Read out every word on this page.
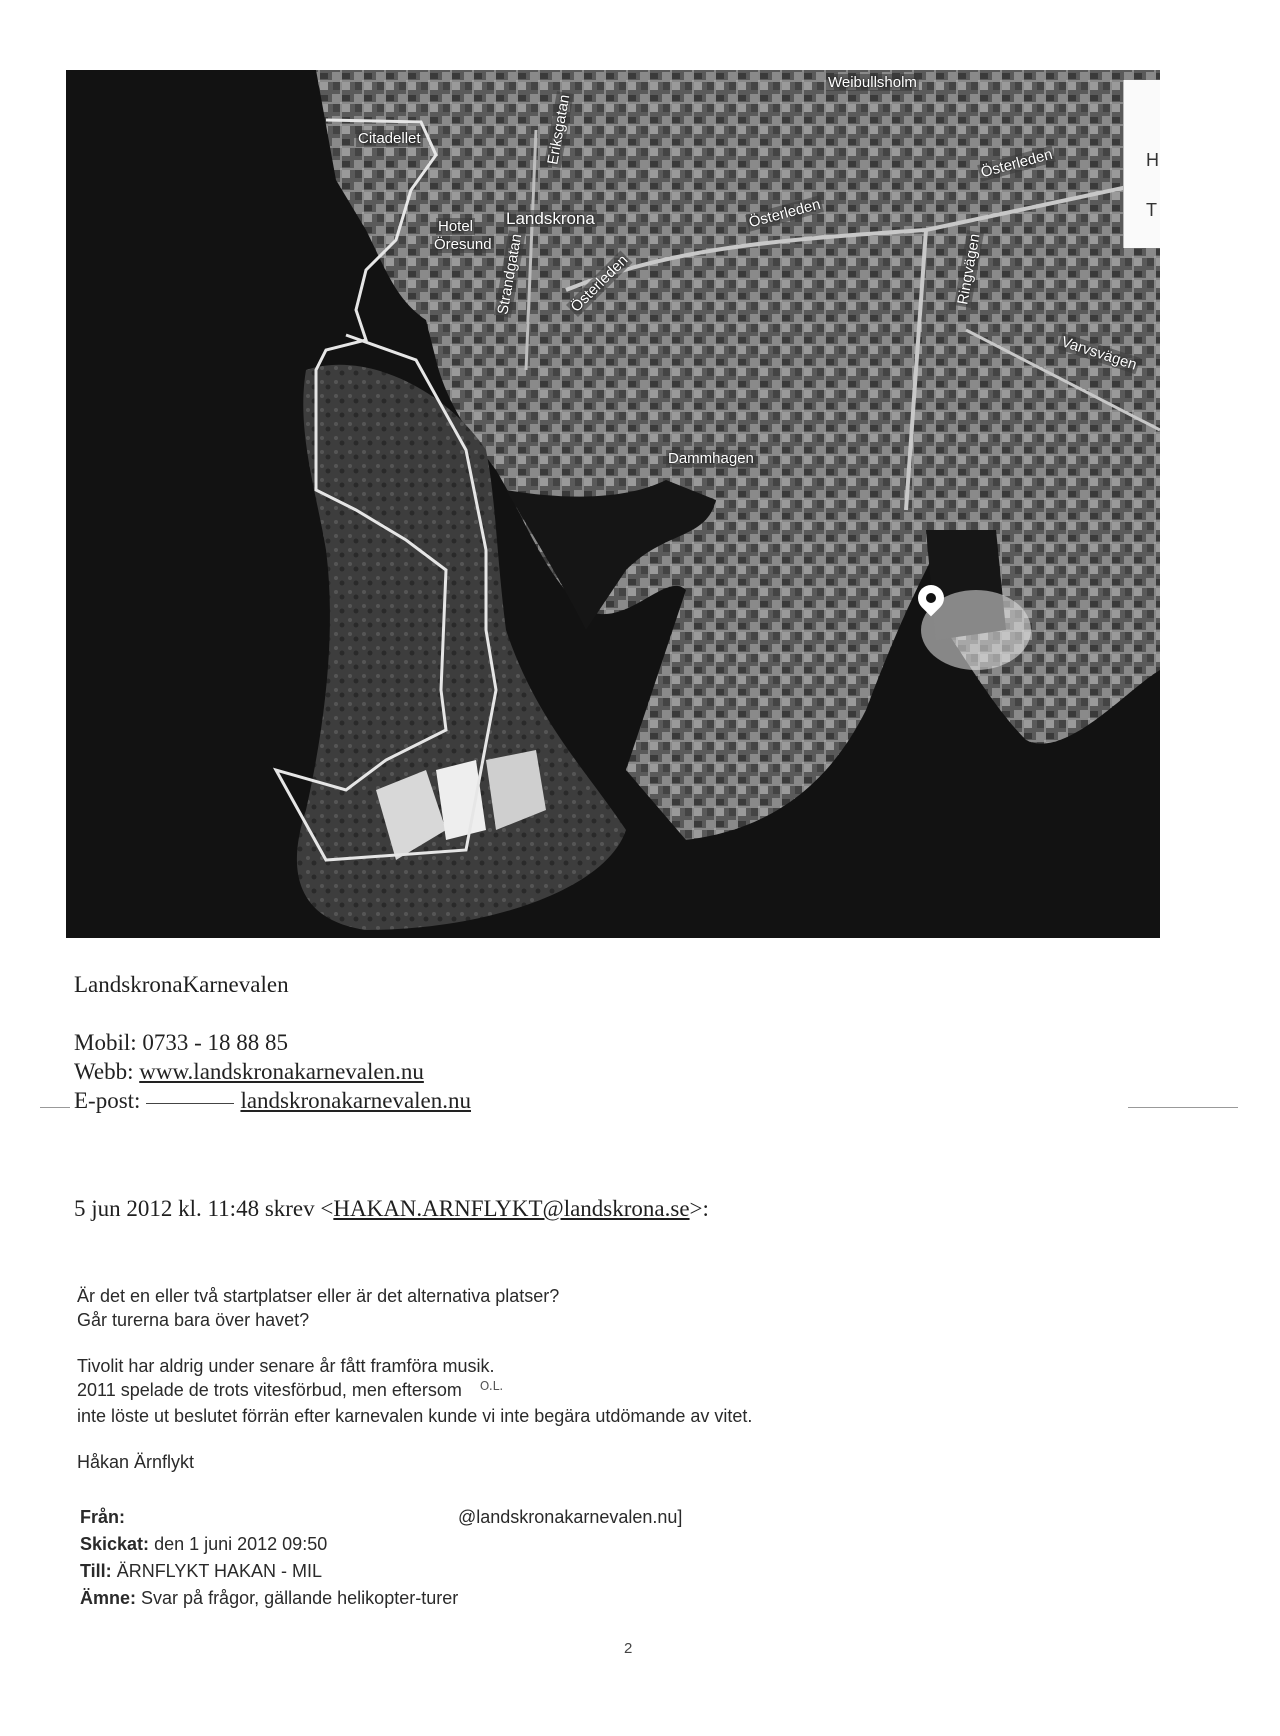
Weibullsholm
Citadellet
Hotel
Öresund
Landskrona	Österleden
Österleden
Österleden	Ringvägen
Strandgatan
Eriksgatan
Dammhagen
Varvsvägen
H
T
LandskronaKarnevalen
Mobil: 0733 - 18 88 85
Webb: www.landskronakarnevalen.nu
E-post:	landskronakarnevalen.nu
5 jun 2012 kl. 11:48 skrev <HAKAN.ARNFLYKT@landskrona.se>:

Är det en eller två startplatser eller är det alternativa platser?

Går turerna bara över havet?

Tivolit har aldrig under senare år fått framföra musik.

2011 spelade de trots vitesförbud, men eftersom $^{O.L.}$

inte löste ut beslutet förrän efter karnevalen kunde vi inte begära utdömande av vitet.

Håkan Ärnflykt

Från:	@landskronakarnevalen.nu]
Skickat: den 1 juni 2012 09:50
Till: ÄRNFLYKT HAKAN - MIL
Ämne: Svar på frågor, gällande helikopter-turer
2
